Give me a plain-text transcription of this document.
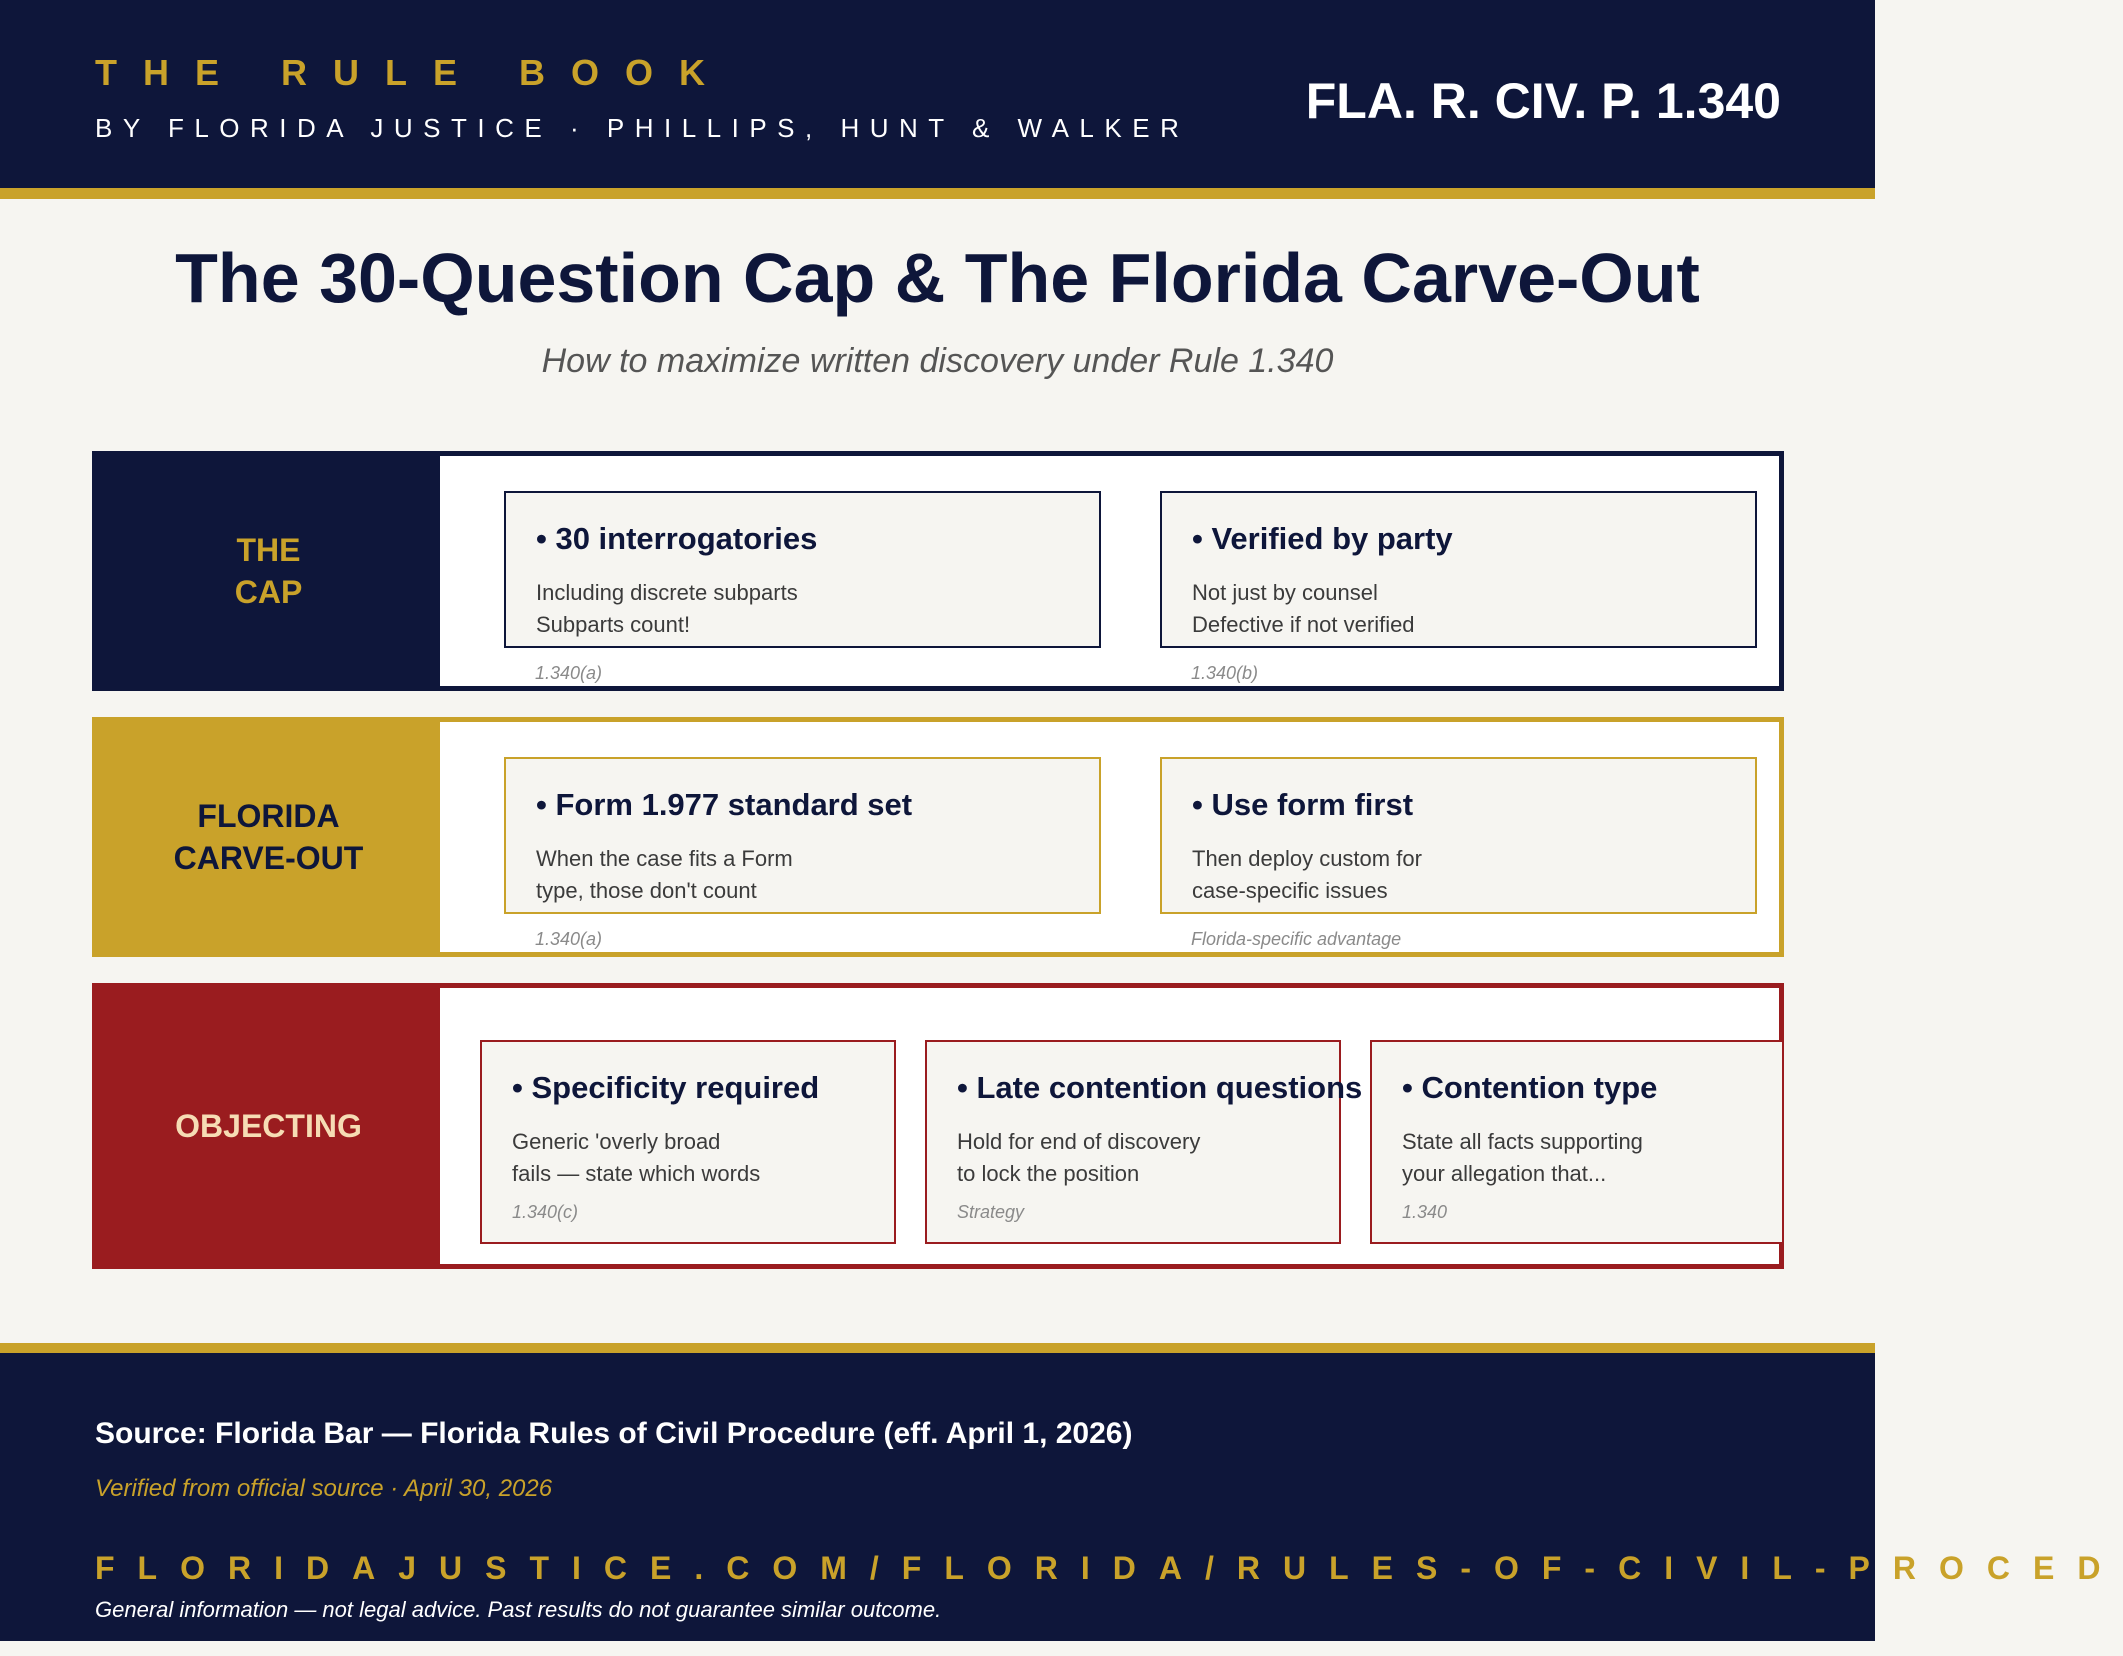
THE RULE BOOK
BY FLORIDA JUSTICE · PHILLIPS, HUNT & WALKER FLA. R. CIV. P. 1.340
The 30-Question Cap & The Florida Carve-Out
How to maximize written discovery under Rule 1.340
THE
CAP
• 30 interrogatories
Including discrete subparts
Subparts count!
1.340(a)
• Verified by party
Not just by counsel
Defective if not verified
1.340(b)
FLORIDA
CARVE-OUT
• Form 1.977 standard set
When the case fits a Form
type, those don't count
1.340(a)
• Use form first
Then deploy custom for
case-specific issues
Florida-specific advantage
OBJECTING
• Specificity required
Generic 'overly broad
fails — state which words
1.340(c)
• Late contention questions
Hold for end of discovery
to lock the position
Strategy
• Contention type
State all facts supporting
your allegation that...
1.340
Source: Florida Bar — Florida Rules of Civil Procedure (eff. April 1, 2026)
Verified from official source · April 30, 2026
FLORIDAJUSTICE.COM/FLORIDA/RULES-OF-CIVIL-PROCED
General information — not legal advice. Past results do not guarantee similar outcome.
